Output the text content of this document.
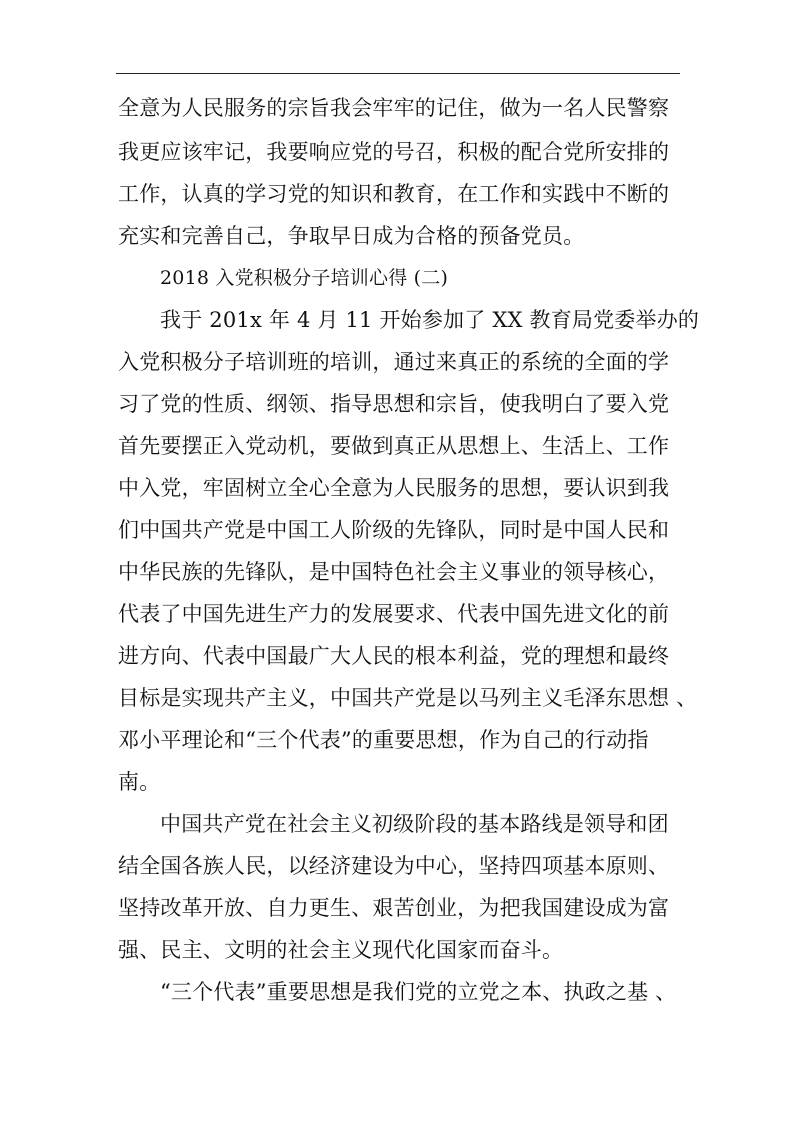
全意为人民服务的宗旨我会牢牢的记住，做为一名人民警察
我更应该牢记，我要响应党的号召，积极的配合党所安排的
工作，认真的学习党的知识和教育，在工作和实践中不断的
充实和完善自己，争取早日成为合格的预备党员。
2018 入党积极分子培训心得 (二)
我于 201x 年 4 月 11 开始参加了 XX 教育局党委举办的
入党积极分子培训班的培训，通过来真正的系统的全面的学
习了党的性质、纲领、指导思想和宗旨，使我明白了要入党
首先要摆正入党动机，要做到真正从思想上、生活上、工作
中入党，牢固树立全心全意为人民服务的思想，要认识到我
们中国共产党是中国工人阶级的先锋队，同时是中国人民和
中华民族的先锋队，是中国特色社会主义事业的领导核心，
代表了中国先进生产力的发展要求、代表中国先进文化的前
进方向、代表中国最广大人民的根本利益，党的理想和最终
目标是实现共产主义，中国共产党是以马列主义毛泽东思想 、
邓小平理论和“三个代表”的重要思想，作为自己的行动指
南。
中国共产党在社会主义初级阶段的基本路线是领导和团
结全国各族人民，以经济建设为中心，坚持四项基本原则、
坚持改革开放、自力更生、艰苦创业，为把我国建设成为富
强、民主、文明的社会主义现代化国家而奋斗。
“三个代表”重要思想是我们党的立党之本、执政之基 、
